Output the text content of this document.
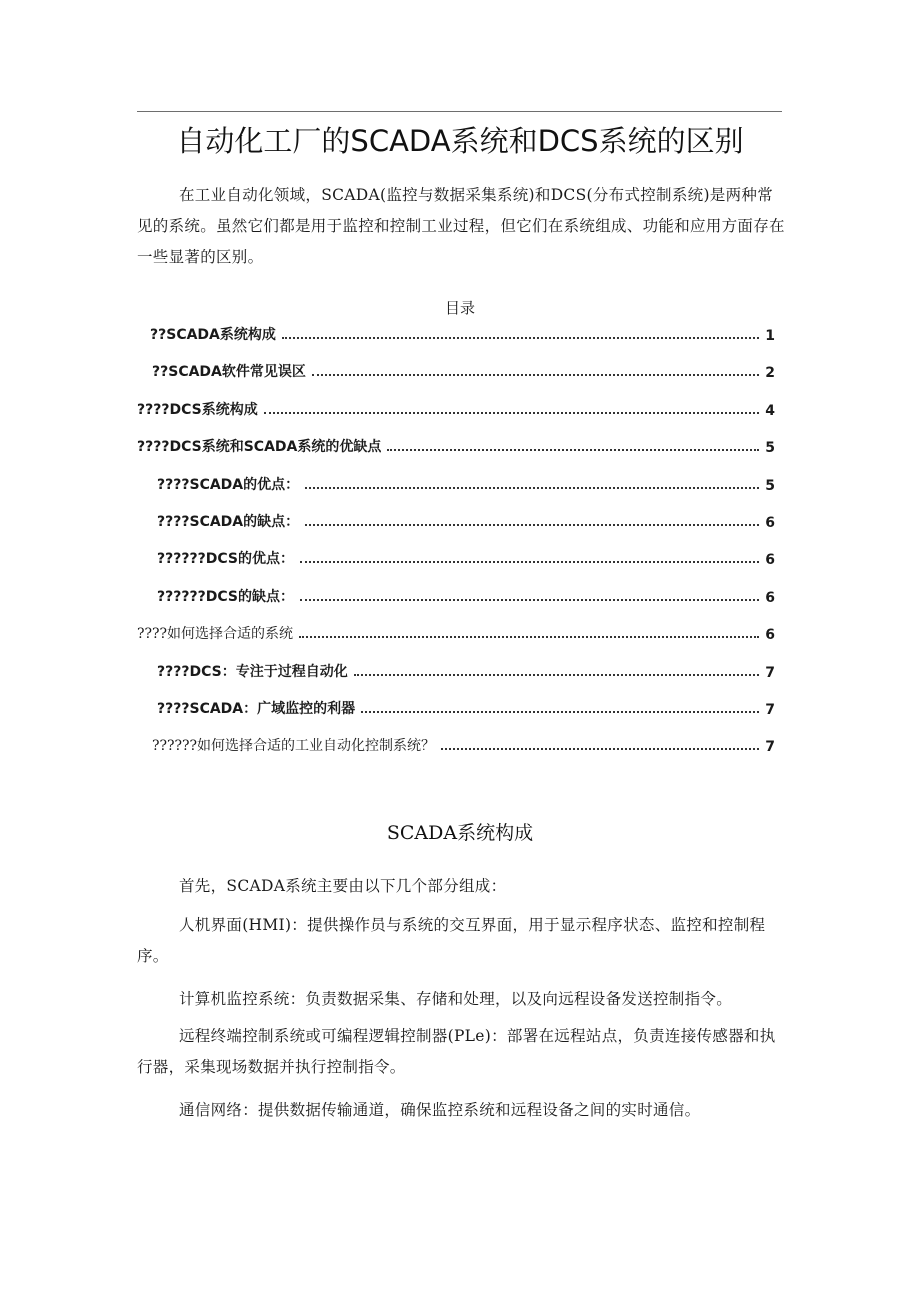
自动化工厂的SCADA系统和DCS系统的区别

在工业自动化领域，SCADA(监控与数据采集系统)和DCS(分布式控制系统)是两种常见的系统。虽然它们都是用于监控和控制工业过程，但它们在系统组成、功能和应用方面存在一些显著的区别。

目录
??SCADA系统构成	1
??SCADA软件常见误区	2
????DCS系统构成	4
????DCS系统和SCADA系统的优缺点	5
????SCADA的优点：	5
????SCADA的缺点：	6
??????DCS的优点：	6
??????DCS的缺点：	6
????如何选择合适的系统	6
????DCS：专注于过程自动化	7
????SCADA：广域监控的利器	7
??????如何选择合适的工业自动化控制系统？	7
SCADA系统构成

首先，SCADA系统主要由以下几个部分组成：

人机界面(HMI)：提供操作员与系统的交互界面，用于显示程序状态、监控和控制程序。

计算机监控系统：负责数据采集、存储和处理，以及向远程设备发送控制指令。

远程终端控制系统或可编程逻辑控制器(PLe)：部署在远程站点，负责连接传感器和执行器，采集现场数据并执行控制指令。

通信网络：提供数据传输通道，确保监控系统和远程设备之间的实时通信。
